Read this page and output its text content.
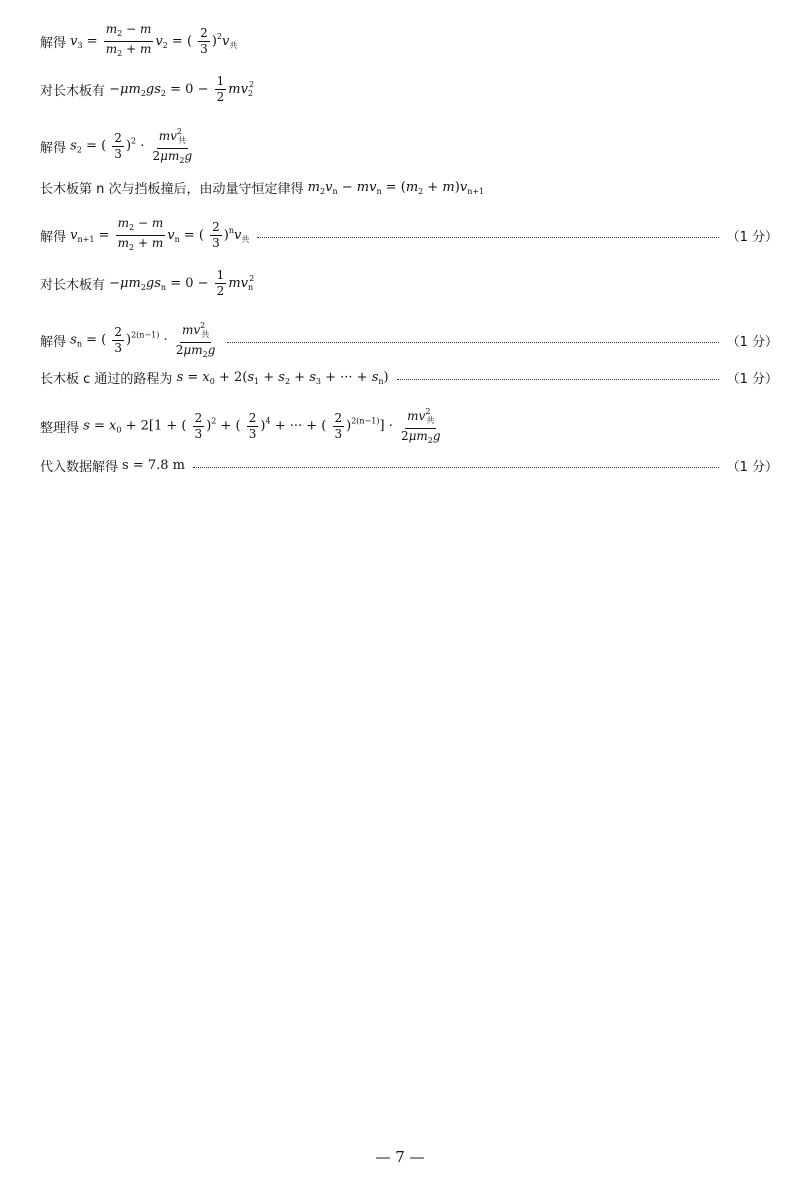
解得 $v_3 = \frac{m_2 - m}{m_2 + m} v_2$ = ( $\frac{2}{3} )^2v_共$
对长木板有 $-\mu m_2gs_2 = 0 - \frac{1}{2} mv_2^2$
解得 $s_2$ = ( $\frac{2}{3} )^2 \cdot \frac{mv^2_共}{2\mu m_2g}$
长木板第 n 次与挡板撞后，由动量守恒定律得 $m_2v_n - mv_n = (m_2 + m)v_{n+1}$
解得 $v_{n+1} = \frac{m_2 - m}{m_2 + m} v_n$ = ( $\frac{2}{3} )^nv_共$	（1 分）
对长木板有 $-\mu m_2gs_n = 0 - \frac{1}{2} mv_n^2$
解得 $s_n$ = ( $\frac{2}{3} )^{2(n-1)} \cdot \frac{mv^2_共}{2\mu m_2g}$	（1 分）
长木板 c 通过的路程为 $s = x_0 + 2(s_1 + s_2 + s_3$ + ··· + $s_n$)	（1 分）
整理得 $s = x_0 + 2[1$ + ( $\frac{2}{3} )^2$ + ( $\frac{2}{3} )^4$ + ··· + ( $\frac{2}{3} )^{2(n-1)}] \cdot \frac{mv^2_共}{2\mu m_2g}$
代入数据解得 s = 7.8 m	（1 分）
— 7 —
